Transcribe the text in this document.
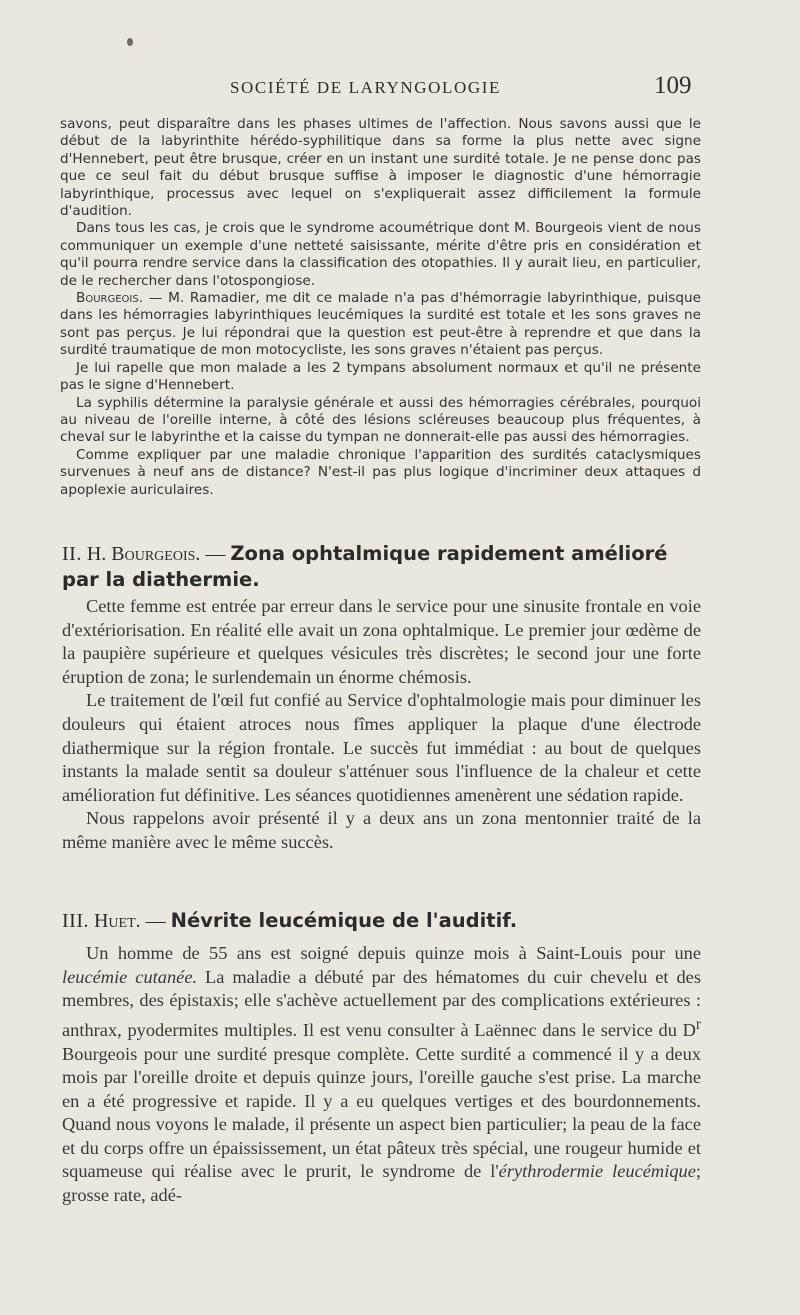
SOCIÉTÉ DE LARYNGOLOGIE	109

savons, peut disparaître dans les phases ultimes de l'affection. Nous savons aussi que le début de la labyrinthite hérédo-syphilitique dans sa forme la plus nette avec signe d'Hennebert, peut être brusque, créer en un instant une surdité totale. Je ne pense donc pas que ce seul fait du début brusque suffise à imposer le diagnostic d'une hémorragie labyrinthique, processus avec lequel on s'expliquerait assez difficilement la formule d'audition.

Dans tous les cas, je crois que le syndrome acoumétrique dont M. Bourgeois vient de nous communiquer un exemple d'une netteté saisissante, mérite d'être pris en considération et qu'il pourra rendre service dans la classification des otopathies. Il y aurait lieu, en particulier, de le rechercher dans l'otospongiose.

Bourgeois. — M. Ramadier, me dit ce malade n'a pas d'hémorragie labyrinthique, puisque dans les hémorragies labyrinthiques leucémiques la surdité est totale et les sons graves ne sont pas perçus. Je lui répondrai que la question est peut-être à reprendre et que dans la surdité traumatique de mon motocycliste, les sons graves n'étaient pas perçus.

Je lui rapelle que mon malade a les 2 tympans absolument normaux et qu'il ne présente pas le signe d'Hennebert.

La syphilis détermine la paralysie générale et aussi des hémorragies cérébrales, pourquoi au niveau de l'oreille interne, à côté des lésions scléreuses beaucoup plus fréquentes, à cheval sur le labyrinthe et la caisse du tympan ne donnerait-elle pas aussi des hémorragies.

Comme expliquer par une maladie chronique l'apparition des surdités cataclysmiques survenues à neuf ans de distance? N'est-il pas plus logique d'incriminer deux attaques d apoplexie auriculaires.

II. H. Bourgeois. — Zona ophtalmique rapidement amélioré par la diathermie.

Cette femme est entrée par erreur dans le service pour une sinusite frontale en voie d'extériorisation. En réalité elle avait un zona ophtalmique. Le premier jour œdème de la paupière supérieure et quelques vésicules très discrètes; le second jour une forte éruption de zona; le surlendemain un énorme chémosis.

Le traitement de l'œil fut confié au Service d'ophtalmologie mais pour diminuer les douleurs qui étaient atroces nous fîmes appliquer la plaque d'une électrode diathermique sur la région frontale. Le succès fut immédiat : au bout de quelques instants la malade sentit sa douleur s'atténuer sous l'influence de la chaleur et cette amélioration fut définitive. Les séances quotidiennes amenèrent une sédation rapide.

Nous rappelons avoir présenté il y a deux ans un zona mentonnier traité de la même manière avec le même succès.

III. Huet. — Névrite leucémique de l'auditif.

Un homme de 55 ans est soigné depuis quinze mois à Saint-Louis pour une leucémie cutanée. La maladie a débuté par des hématomes du cuir chevelu et des membres, des épistaxis; elle s'achève actuellement par des complications extérieures : anthrax, pyodermites multiples. Il est venu consulter à Laënnec dans le service du $D^r$ Bourgeois pour une surdité presque complète. Cette surdité a commencé il y a deux mois par l'oreille droite et depuis quinze jours, l'oreille gauche s'est prise. La marche en a été progressive et rapide. Il y a eu quelques vertiges et des bourdonnements. Quand nous voyons le malade, il présente un aspect bien particulier; la peau de la face et du corps offre un épaississement, un état pâteux très spécial, une rougeur humide et squameuse qui réalise avec le prurit, le syndrome de l'érythrodermie leucémique; grosse rate, adé-
